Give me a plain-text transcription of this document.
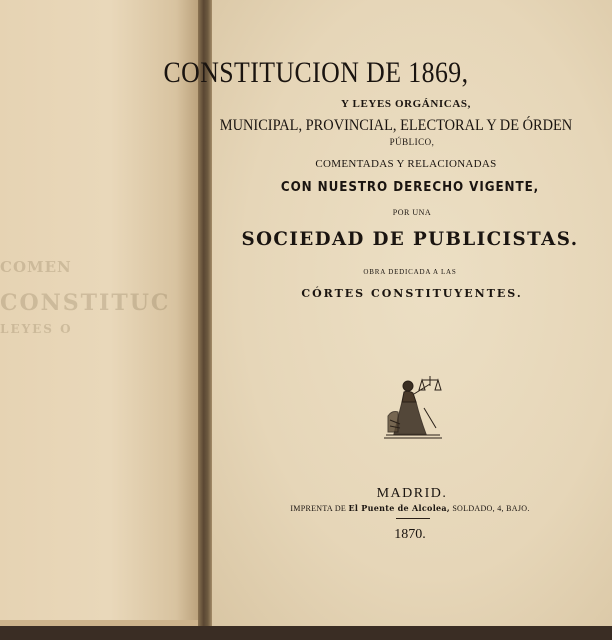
COMEN
CONSTITUC
LEYES O
CONSTITUCION DE 1869,
Y LEYES ORGÁNICAS,
MUNICIPAL, PROVINCIAL, ELECTORAL Y DE ÓRDEN
PÚBLICO,
COMENTADAS Y RELACIONADAS
CON NUESTRO DERECHO VIGENTE,
POR UNA
SOCIEDAD DE PUBLICISTAS.
OBRA DEDICADA A LAS
CÓRTES CONSTITUYENTES.
MADRID.
IMPRENTA DE El Puente de Alcolea, SOLDADO, 4, BAJO.
1870.
